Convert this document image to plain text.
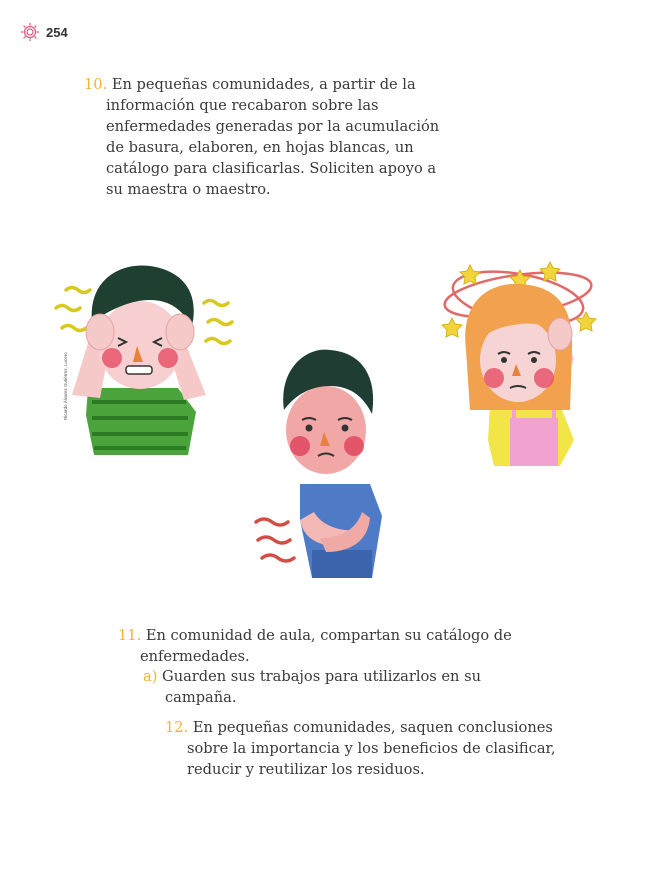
254
10. En pequeñas comunidades, a partir de la información que recabaron sobre las enfermedades generadas por la acumulación de basura, elaboren, en hojas blancas, un catálogo para clasificarlas. Soliciten apoyo a su maestra o maestro.
Ricardo Álvarez Gutiérrez, Lucero
11. En comunidad de aula, compartan su catálogo de enfermedades.
a) Guarden sus trabajos para utilizarlos en su campaña.
12. En pequeñas comunidades, saquen conclusiones sobre la importancia y los beneficios de clasificar, reducir y reutilizar los residuos.
